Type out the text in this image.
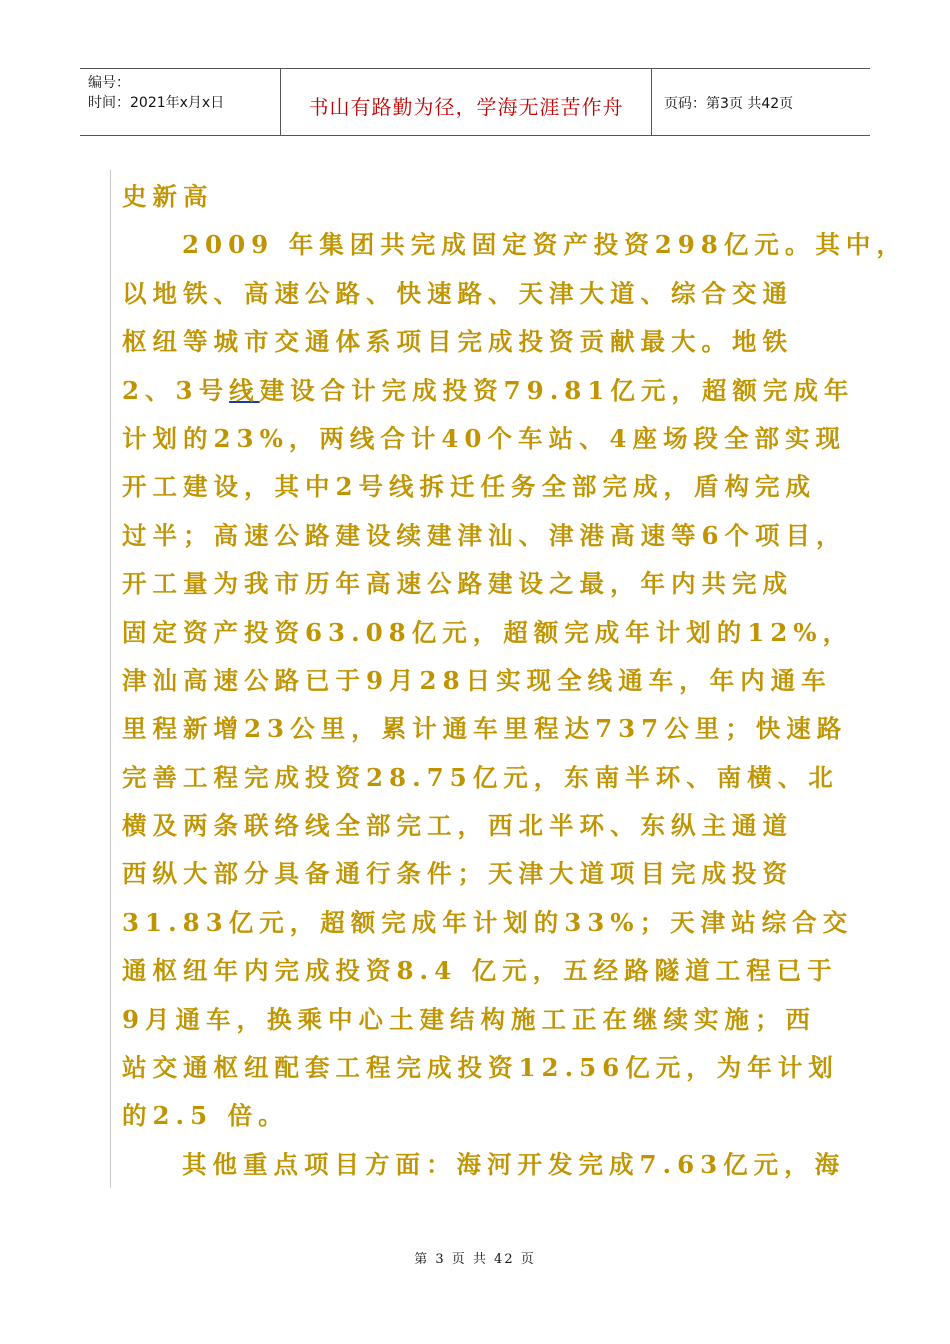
编号：
时间：2021年x月x日	书山有路勤为径，学海无涯苦作舟	页码：第3页 共42页
史新高
2009 年集团共完成固定资产投资298亿元。其中，
以地铁、高速公路、快速路、天津大道、综合交通
枢纽等城市交通体系项目完成投资贡献最大。地铁
2、3号线建设合计完成投资79.81亿元，超额完成年
计划的23%，两线合计40个车站、4座场段全部实现
开工建设，其中2号线拆迁任务全部完成，盾构完成
过半；高速公路建设续建津汕、津港高速等6个项目，
开工量为我市历年高速公路建设之最，年内共完成
固定资产投资63.08亿元，超额完成年计划的12%，
津汕高速公路已于9月28日实现全线通车，年内通车
里程新增23公里，累计通车里程达737公里；快速路
完善工程完成投资28.75亿元，东南半环、南横、北
横及两条联络线全部完工，西北半环、东纵主通道
西纵大部分具备通行条件；天津大道项目完成投资
31.83亿元，超额完成年计划的33%；天津站综合交
通枢纽年内完成投资8.4 亿元，五经路隧道工程已于
9月通车，换乘中心土建结构施工正在继续实施；西
站交通枢纽配套工程完成投资12.56亿元，为年计划
的2.5 倍。
其他重点项目方面：海河开发完成7.63亿元，海
第 3 页 共 42 页
